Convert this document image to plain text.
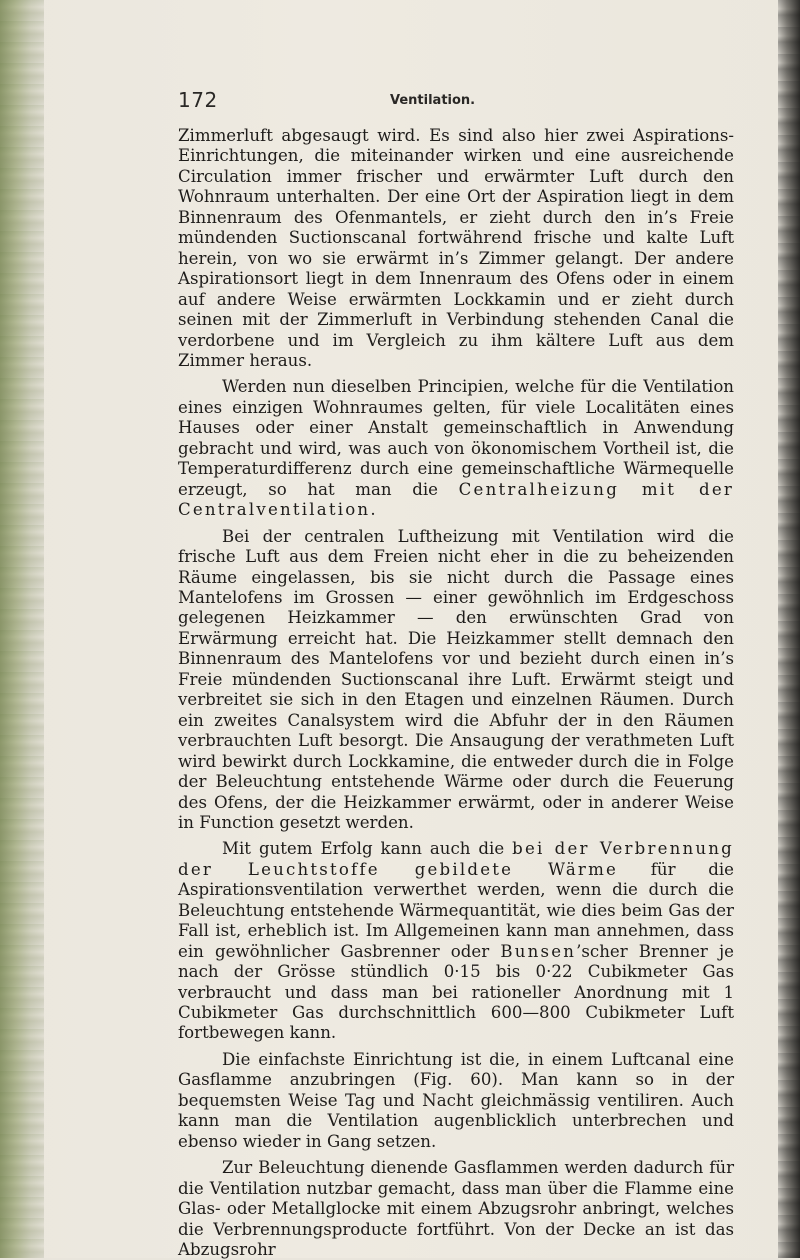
172	Ventilation.

Zimmerluft abgesaugt wird. Es sind also hier zwei Aspirations-Einrichtungen, die miteinander wirken und eine ausreichende Circulation immer frischer und erwärmter Luft durch den Wohnraum unterhalten. Der eine Ort der Aspiration liegt in dem Binnenraum des Ofenmantels, er zieht durch den in’s Freie mündenden Suctionscanal fortwährend frische und kalte Luft herein, von wo sie erwärmt in’s Zimmer gelangt. Der andere Aspirationsort liegt in dem Innenraum des Ofens oder in einem auf andere Weise erwärmten Lockkamin und er zieht durch seinen mit der Zimmerluft in Verbindung stehenden Canal die verdorbene und im Vergleich zu ihm kältere Luft aus dem Zimmer heraus.

Werden nun dieselben Principien, welche für die Ventilation eines einzigen Wohnraumes gelten, für viele Localitäten eines Hauses oder einer Anstalt gemeinschaftlich in Anwendung gebracht und wird, was auch von ökonomischem Vortheil ist, die Temperaturdifferenz durch eine gemeinschaftliche Wärmequelle erzeugt, so hat man die Centralheizung mit der Centralventilation.

Bei der centralen Luftheizung mit Ventilation wird die frische Luft aus dem Freien nicht eher in die zu beheizenden Räume eingelassen, bis sie nicht durch die Passage eines Mantelofens im Grossen — einer gewöhnlich im Erdgeschoss gelegenen Heizkammer — den erwünschten Grad von Erwärmung erreicht hat. Die Heizkammer stellt demnach den Binnenraum des Mantelofens vor und bezieht durch einen in’s Freie mündenden Suctionscanal ihre Luft. Erwärmt steigt und verbreitet sie sich in den Etagen und einzelnen Räumen. Durch ein zweites Canalsystem wird die Abfuhr der in den Räumen verbrauchten Luft besorgt. Die Ansaugung der verathmeten Luft wird bewirkt durch Lockkamine, die entweder durch die in Folge der Beleuchtung entstehende Wärme oder durch die Feuerung des Ofens, der die Heizkammer erwärmt, oder in anderer Weise in Function gesetzt werden.

Mit gutem Erfolg kann auch die bei der Verbrennung der Leuchtstoffe gebildete Wärme für die Aspirationsventilation verwerthet werden, wenn die durch die Beleuchtung entstehende Wärmequantität, wie dies beim Gas der Fall ist, erheblich ist. Im Allgemeinen kann man annehmen, dass ein gewöhnlicher Gasbrenner oder Bunsen’scher Brenner je nach der Grösse stündlich 0·15 bis 0·22 Cubikmeter Gas verbraucht und dass man bei rationeller Anordnung mit 1 Cubikmeter Gas durchschnittlich 600—800 Cubikmeter Luft fortbewegen kann.

Die einfachste Einrichtung ist die, in einem Luftcanal eine Gasflamme anzubringen (Fig. 60). Man kann so in der bequemsten Weise Tag und Nacht gleichmässig ventiliren. Auch kann man die Ventilation augenblicklich unterbrechen und ebenso wieder in Gang setzen.

Zur Beleuchtung dienende Gasflammen werden dadurch für die Ventilation nutzbar gemacht, dass man über die Flamme eine Glas- oder Metallglocke mit einem Abzugsrohr anbringt, welches die Verbrennungsproducte fortführt. Von der Decke an ist das Abzugsrohr
